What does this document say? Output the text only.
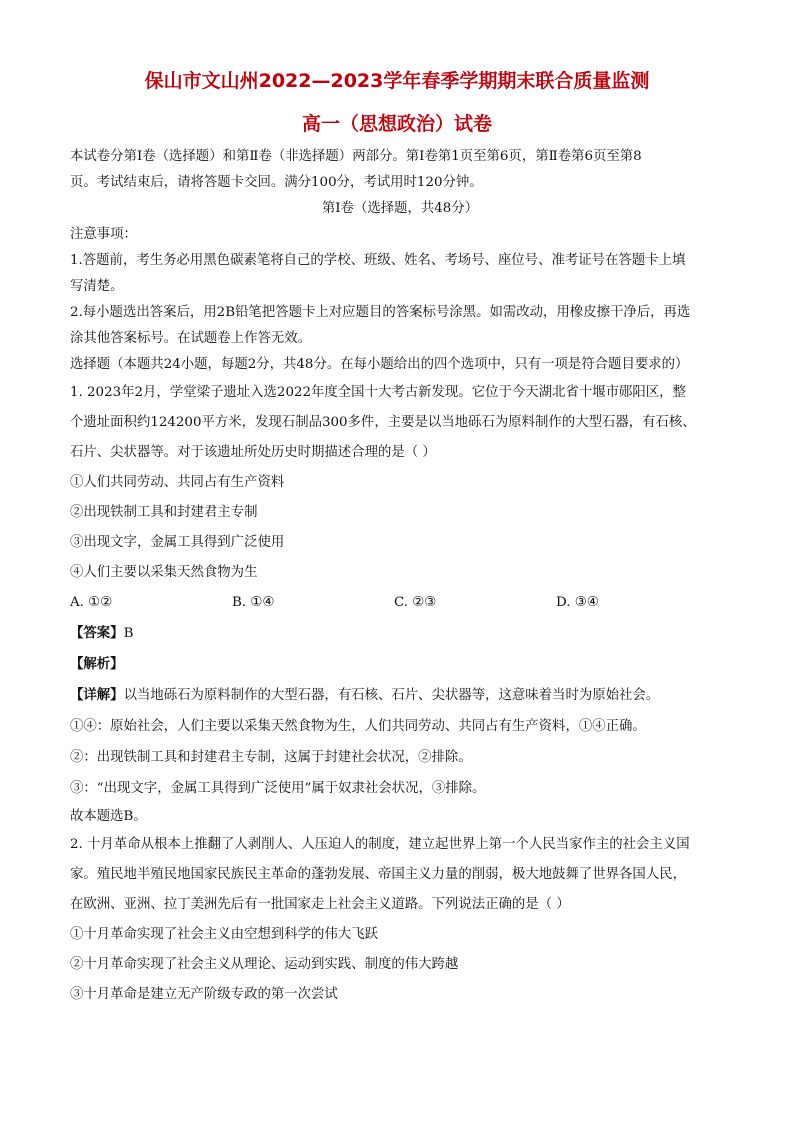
保山市文山州2022—2023学年春季学期期末联合质量监测
高一（思想政治）试卷
本试卷分第Ⅰ卷（选择题）和第Ⅱ卷（非选择题）两部分。第Ⅰ卷第1页至第6页，第Ⅱ卷第6页至第8
页。考试结束后，请将答题卡交回。满分100分，考试用时120分钟。
第Ⅰ卷（选择题，共48分）
注意事项：
1.答题前，考生务必用黑色碳素笔将自己的学校、班级、姓名、考场号、座位号、准考证号在答题卡上填
写清楚。
2.每小题选出答案后，用2B铅笔把答题卡上对应题目的答案标号涂黑。如需改动，用橡皮擦干净后，再选
涂其他答案标号。在试题卷上作答无效。
选择题（本题共24小题，每题2分，共48分。在每小题给出的四个选项中，只有一项是符合题目要求的）
1. 2023年2月，学堂梁子遗址入选2022年度全国十大考古新发现。它位于今天湖北省十堰市郧阳区，整
个遗址面积约124200平方米，发现石制品300多件，主要是以当地砾石为原料制作的大型石器，有石核、
石片、尖状器等。对于该遗址所处历史时期描述合理的是（ ）
①人们共同劳动、共同占有生产资料
②出现铁制工具和封建君主专制
③出现文字，金属工具得到广泛使用
④人们主要以采集天然食物为生
A. ①②	B. ①④	C. ②③	D. ③④
【答案】B
【解析】
【详解】以当地砾石为原料制作的大型石器，有石核、石片、尖状器等，这意味着当时为原始社会。
①④：原始社会，人们主要以采集天然食物为生，人们共同劳动、共同占有生产资料，①④正确。
②：出现铁制工具和封建君主专制，这属于封建社会状况，②排除。
③：“出现文字，金属工具得到广泛使用”属于奴隶社会状况，③排除。
故本题选B。
2. 十月革命从根本上推翻了人剥削人、人压迫人的制度，建立起世界上第一个人民当家作主的社会主义国
家。殖民地半殖民地国家民族民主革命的蓬勃发展、帝国主义力量的削弱，极大地鼓舞了世界各国人民，
在欧洲、亚洲、拉丁美洲先后有一批国家走上社会主义道路。下列说法正确的是（ ）
①十月革命实现了社会主义由空想到科学的伟大飞跃
②十月革命实现了社会主义从理论、运动到实践、制度的伟大跨越
③十月革命是建立无产阶级专政的第一次尝试
